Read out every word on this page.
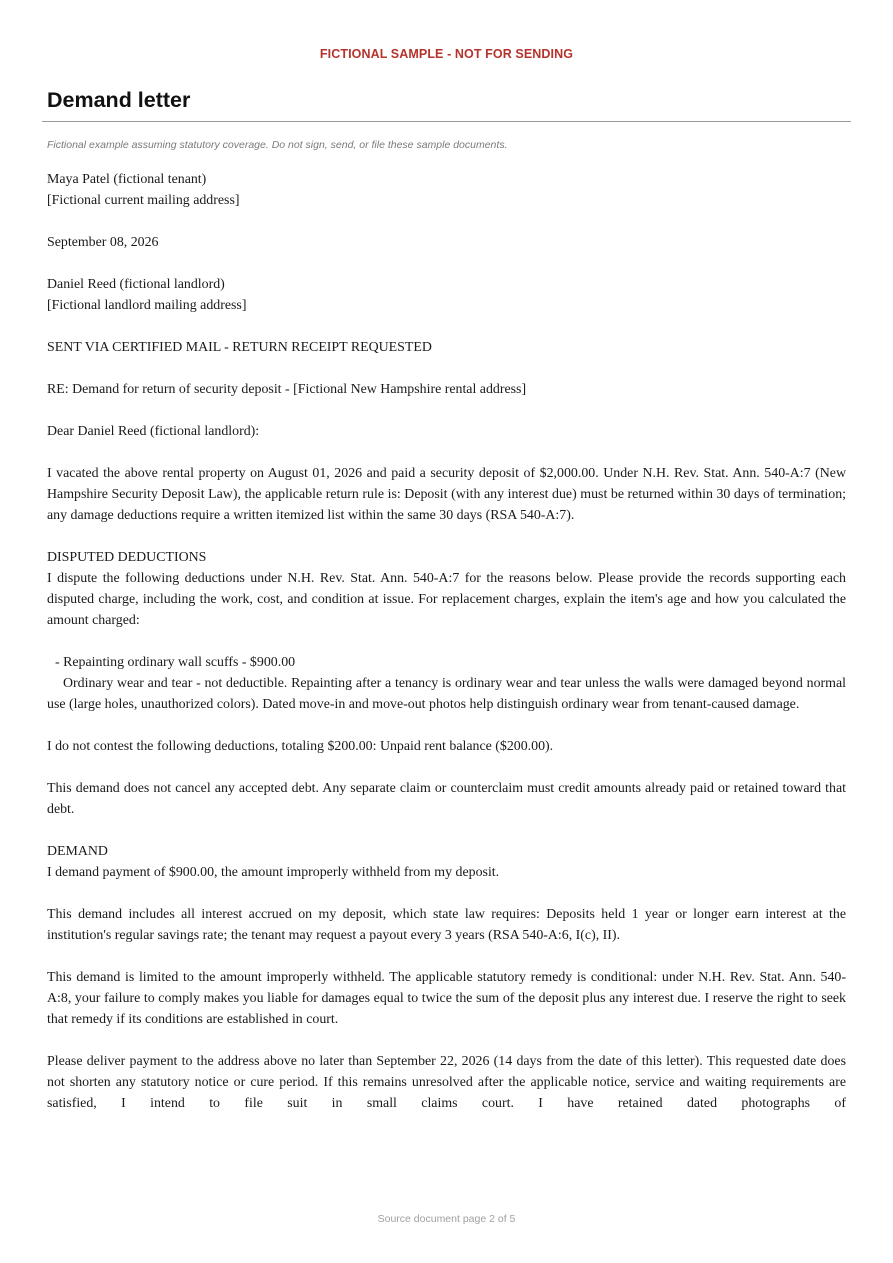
FICTIONAL SAMPLE - NOT FOR SENDING
Demand letter
Fictional example assuming statutory coverage. Do not sign, send, or file these sample documents.

Maya Patel (fictional tenant)
[Fictional current mailing address]

September 08, 2026

Daniel Reed (fictional landlord)
[Fictional landlord mailing address]

SENT VIA CERTIFIED MAIL - RETURN RECEIPT REQUESTED

RE: Demand for return of security deposit - [Fictional New Hampshire rental address]

Dear Daniel Reed (fictional landlord):

I vacated the above rental property on August 01, 2026 and paid a security deposit of $2,000.00. Under N.H. Rev. Stat. Ann. 540-A:7 (New Hampshire Security Deposit Law), the applicable return rule is: Deposit (with any interest due) must be returned within 30 days of termination; any damage deductions require a written itemized list within the same 30 days (RSA 540-A:7).

DISPUTED DEDUCTIONS
I dispute the following deductions under N.H. Rev. Stat. Ann. 540-A:7 for the reasons below. Please provide the records supporting each disputed charge, including the work, cost, and condition at issue. For replacement charges, explain the item's age and how you calculated the amount charged:

- Repainting ordinary wall scuffs - $900.00
Ordinary wear and tear - not deductible. Repainting after a tenancy is ordinary wear and tear unless the walls were damaged beyond normal use (large holes, unauthorized colors). Dated move-in and move-out photos help distinguish ordinary wear from tenant-caused damage.

I do not contest the following deductions, totaling $200.00: Unpaid rent balance ($200.00).

This demand does not cancel any accepted debt. Any separate claim or counterclaim must credit amounts already paid or retained toward that debt.

DEMAND
I demand payment of $900.00, the amount improperly withheld from my deposit.

This demand includes all interest accrued on my deposit, which state law requires: Deposits held 1 year or longer earn interest at the institution's regular savings rate; the tenant may request a payout every 3 years (RSA 540-A:6, I(c), II).

This demand is limited to the amount improperly withheld. The applicable statutory remedy is conditional: under N.H. Rev. Stat. Ann. 540-A:8, your failure to comply makes you liable for damages equal to twice the sum of the deposit plus any interest due. I reserve the right to seek that remedy if its conditions are established in court.

Please deliver payment to the address above no later than September 22, 2026 (14 days from the date of this letter). This requested date does not shorten any statutory notice or cure period. If this remains unresolved after the applicable notice, service and waiting requirements are satisfied, I intend to file suit in small claims court. I have retained dated photographs of

Source document page 2 of 5
